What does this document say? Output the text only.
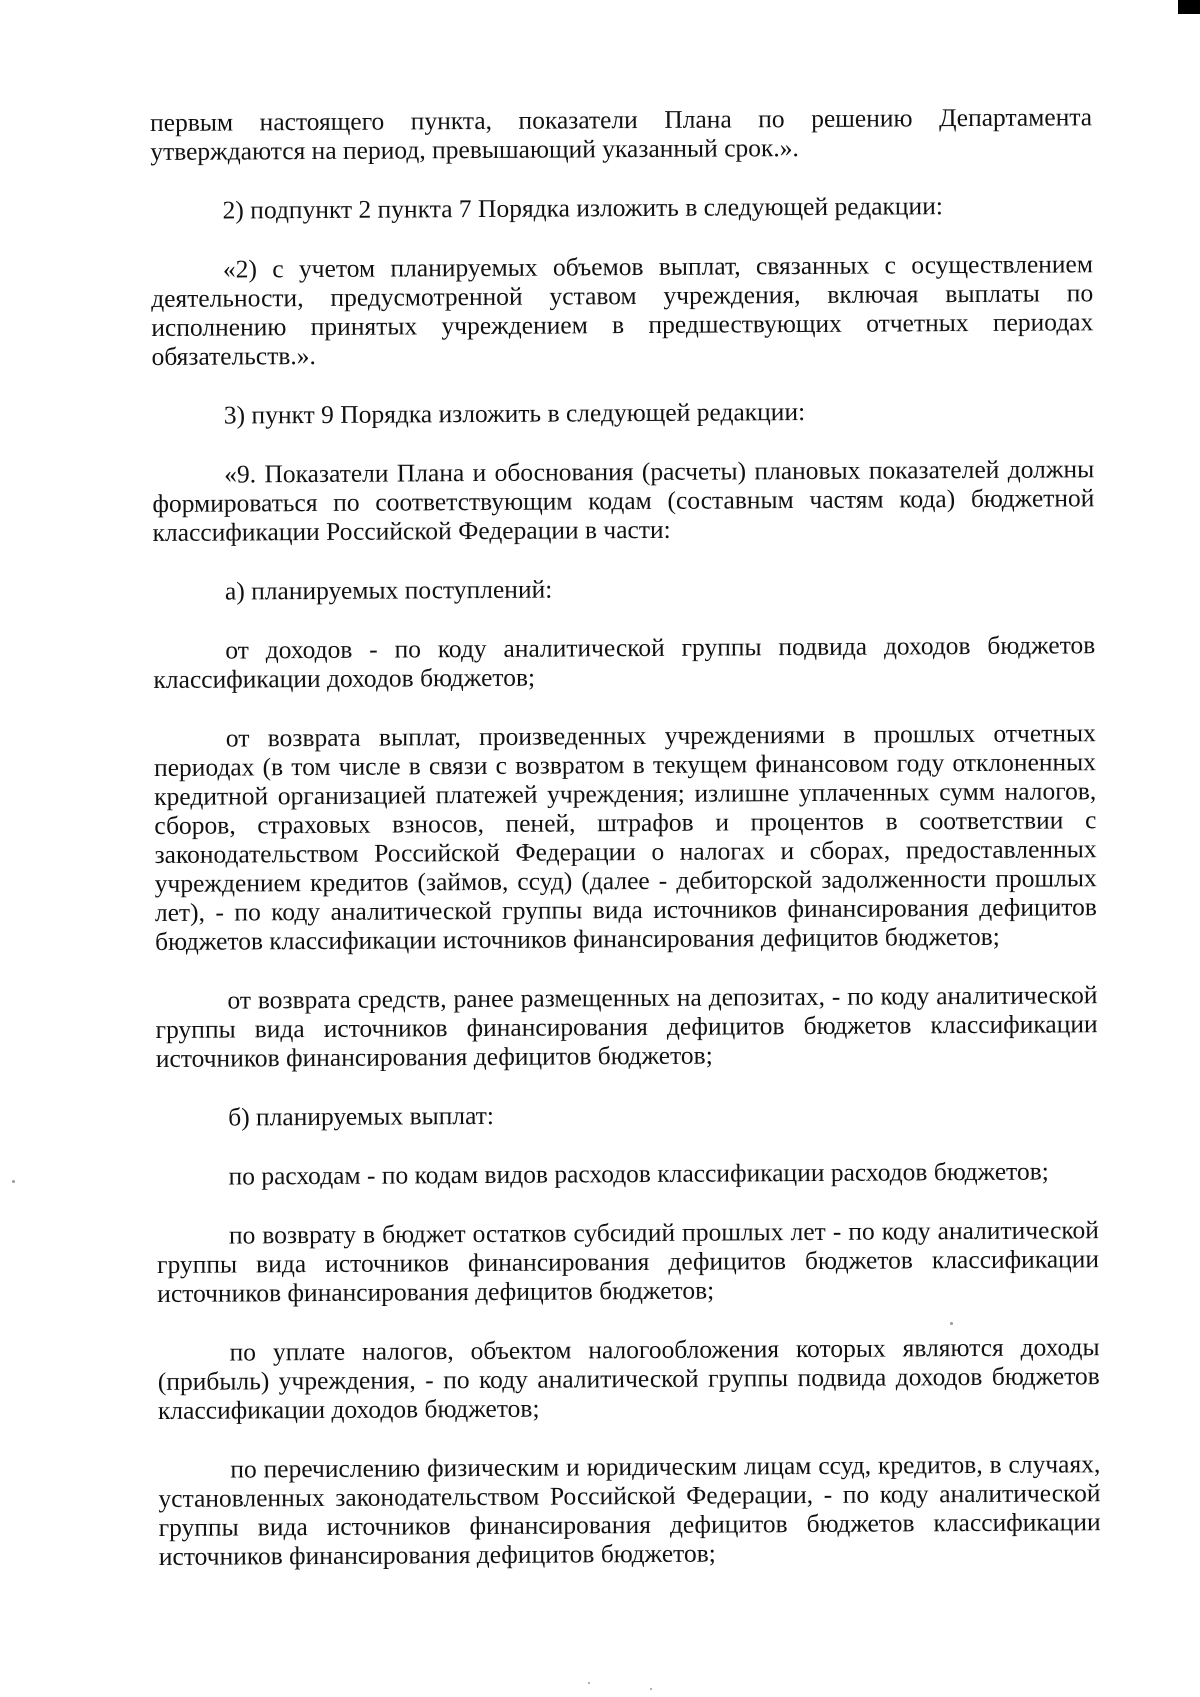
первым настоящего пункта, показатели Плана по решению Департамента утверждаются на период, превышающий указанный срок.».

2) подпункт 2 пункта 7 Порядка изложить в следующей редакции:

«2) с учетом планируемых объемов выплат, связанных с осуществлением деятельности, предусмотренной уставом учреждения, включая выплаты по исполнению принятых учреждением в предшествующих отчетных периодах обязательств.».

3) пункт 9 Порядка изложить в следующей редакции:

«9. Показатели Плана и обоснования (расчеты) плановых показателей должны формироваться по соответствующим кодам (составным частям кода) бюджетной классификации Российской Федерации в части:

а) планируемых поступлений:

от доходов - по коду аналитической группы подвида доходов бюджетов классификации доходов бюджетов;

от возврата выплат, произведенных учреждениями в прошлых отчетных периодах (в том числе в связи с возвратом в текущем финансовом году отклоненных кредитной организацией платежей учреждения; излишне уплаченных сумм налогов, сборов, страховых взносов, пеней, штрафов и процентов в соответствии с законодательством Российской Федерации о налогах и сборах, предоставленных учреждением кредитов (займов, ссуд) (далее - дебиторской задолженности прошлых лет), - по коду аналитической группы вида источников финансирования дефицитов бюджетов классификации источников финансирования дефицитов бюджетов;

от возврата средств, ранее размещенных на депозитах, - по коду аналитической группы вида источников финансирования дефицитов бюджетов классификации источников финансирования дефицитов бюджетов;

б) планируемых выплат:

по расходам - по кодам видов расходов классификации расходов бюджетов;

по возврату в бюджет остатков субсидий прошлых лет - по коду аналитической группы вида источников финансирования дефицитов бюджетов классификации источников финансирования дефицитов бюджетов;

по уплате налогов, объектом налогообложения которых являются доходы (прибыль) учреждения, - по коду аналитической группы подвида доходов бюджетов классификации доходов бюджетов;

по перечислению физическим и юридическим лицам ссуд, кредитов, в случаях, установленных законодательством Российской Федерации, - по коду аналитической группы вида источников финансирования дефицитов бюджетов классификации источников финансирования дефицитов бюджетов;
